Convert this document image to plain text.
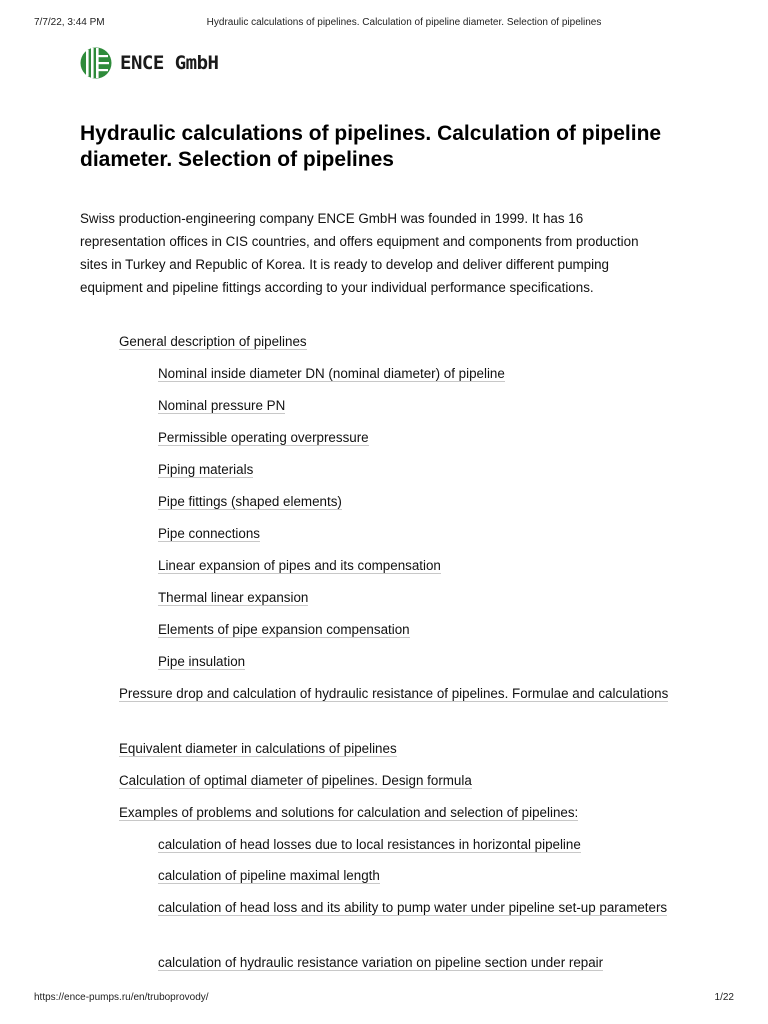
7/7/22, 3:44 PM	Hydraulic calculations of pipelines. Calculation of pipeline diameter. Selection of pipelines
ENCE GmbH
Hydraulic calculations of pipelines. Calculation of pipeline diameter. Selection of pipelines

Swiss production-engineering company ENCE GmbH was founded in 1999. It has 16 representation offices in CIS countries, and offers equipment and components from production sites in Turkey and Republic of Korea. It is ready to develop and deliver different pumping equipment and pipeline fittings according to your individual performance specifications.

General description of pipelines
Nominal inside diameter DN (nominal diameter) of pipeline
Nominal pressure PN
Permissible operating overpressure
Piping materials
Pipe fittings (shaped elements)
Pipe connections
Linear expansion of pipes and its compensation
Thermal linear expansion
Elements of pipe expansion compensation
Pipe insulation
Pressure drop and calculation of hydraulic resistance of pipelines. Formulae and calculations
Equivalent diameter in calculations of pipelines
Calculation of optimal diameter of pipelines. Design formula
Examples of problems and solutions for calculation and selection of pipelines:
calculation of head losses due to local resistances in horizontal pipeline
calculation of pipeline maximal length
calculation of head loss and its ability to pump water under pipeline set-up parameters
calculation of hydraulic resistance variation on pipeline section under repair
https://ence-pumps.ru/en/truboprovody/	1/22
